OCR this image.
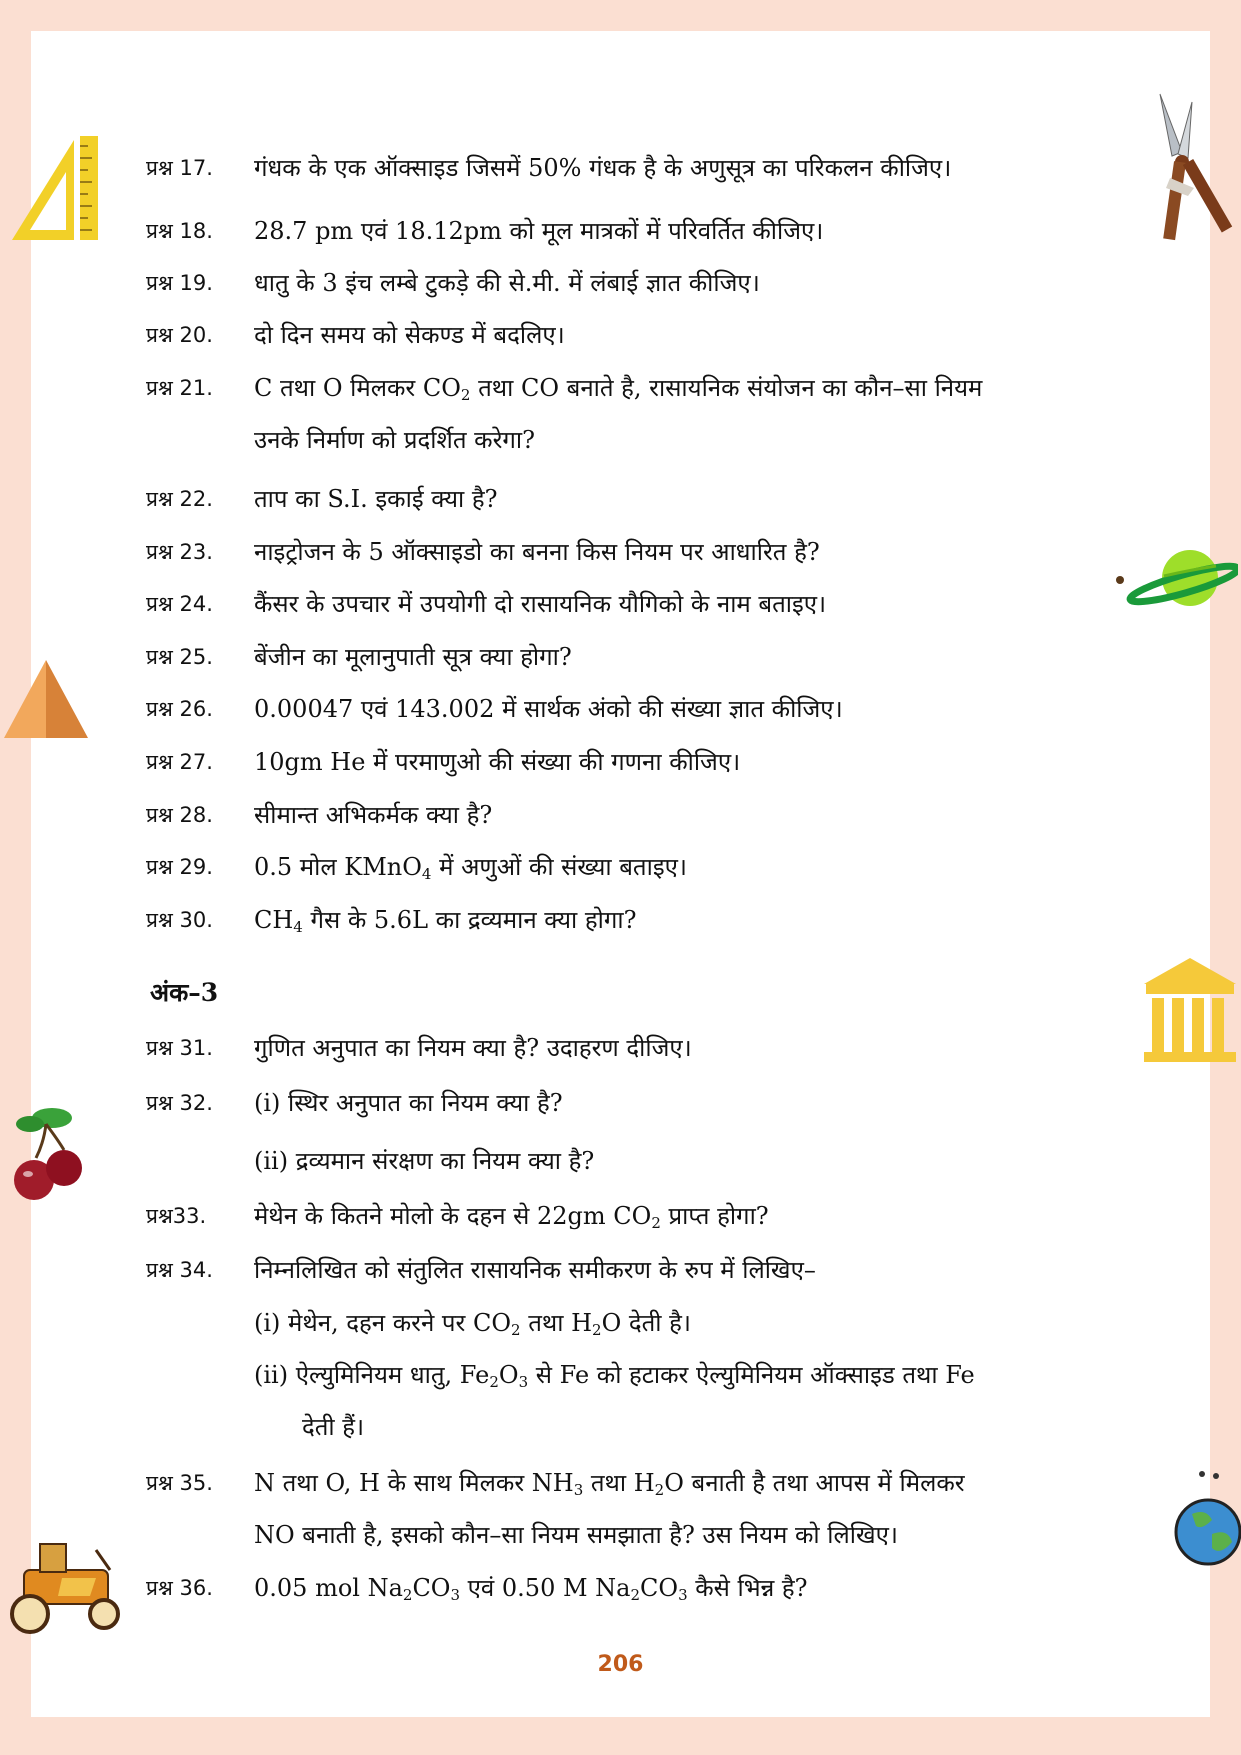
प्रश्न 17. गंधक के एक ऑक्साइड जिसमें 50% गंधक है के अणुसूत्र का परिकलन कीजिए।
प्रश्न 18. 28.7 pm एवं 18.12pm को मूल मात्रकों में परिवर्तित कीजिए।
प्रश्न 19. धातु के 3 इंच लम्बे टुकड़े की से.मी. में लंबाई ज्ञात कीजिए।
प्रश्न 20. दो दिन समय को सेकण्ड में बदलिए।
प्रश्न 21. C तथा O मिलकर $CO_2$ तथा CO बनाते है, रासायनिक संयोजन का कौन–सा नियम
उनके निर्माण को प्रदर्शित करेगा?
प्रश्न 22. ताप का S.I. इकाई क्या है?
प्रश्न 23. नाइट्रोजन के 5 ऑक्साइडो का बनना किस नियम पर आधारित है?
प्रश्न 24. कैंसर के उपचार में उपयोगी दो रासायनिक यौगिको के नाम बताइए।
प्रश्न 25. बेंजीन का मूलानुपाती सूत्र क्या होगा?
प्रश्न 26. 0.00047 एवं 143.002 में सार्थक अंको की संख्या ज्ञात कीजिए।
प्रश्न 27. 10gm He में परमाणुओ की संख्या की गणना कीजिए।
प्रश्न 28. सीमान्त अभिकर्मक क्या है?
प्रश्न 29. 0.5 मोल KMnO$_4$ में अणुओं की संख्या बताइए।
प्रश्न 30. $CH_4$ गैस के 5.6L का द्रव्यमान क्या होगा?
अंक–3
प्रश्न 31. गुणित अनुपात का नियम क्या है? उदाहरण दीजिए।
प्रश्न 32. (i) स्थिर अनुपात का नियम क्या है?
(ii) द्रव्यमान संरक्षण का नियम क्या है?
प्रश्न33. मेथेन के कितने मोलो के दहन से 22gm $CO_2$ प्राप्त होगा?
प्रश्न 34. निम्नलिखित को संतुलित रासायनिक समीकरण के रुप में लिखिए–
(i) मेथेन, दहन करने पर $CO_2$ तथा $H_2O$ देती है।
(ii) ऐल्युमिनियम धातु, $Fe_2O_3$ से Fe को हटाकर ऐल्युमिनियम ऑक्साइड तथा Fe
देती हैं।
प्रश्न 35. N तथा O, H के साथ मिलकर $NH_3$ तथा $H_2O$ बनाती है तथा आपस में मिलकर
NO बनाती है, इसको कौन–सा नियम समझाता है? उस नियम को लिखिए।
प्रश्न 36. 0.05 mol $Na_2CO_3$ एवं 0.50 M $Na_2CO_3$ कैसे भिन्न है?
206
